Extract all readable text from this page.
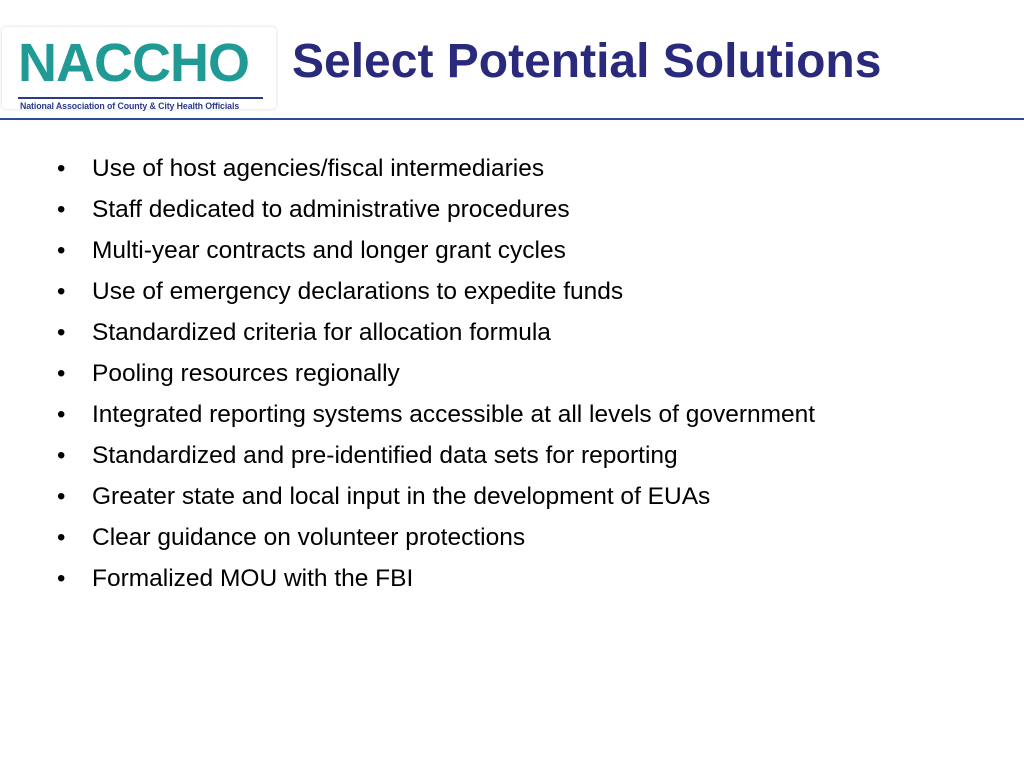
NACCHO
National Association of County & City Health Officials
Select Potential Solutions
• Use of host agencies/fiscal intermediaries
• Staff dedicated to administrative procedures
• Multi-year contracts and longer grant cycles
• Use of emergency declarations to expedite funds
• Standardized criteria for allocation formula
• Pooling resources regionally
• Integrated reporting systems accessible at all levels of government
• Standardized and pre-identified data sets for reporting
• Greater state and local input in the development of EUAs
• Clear guidance on volunteer protections
• Formalized MOU with the FBI
